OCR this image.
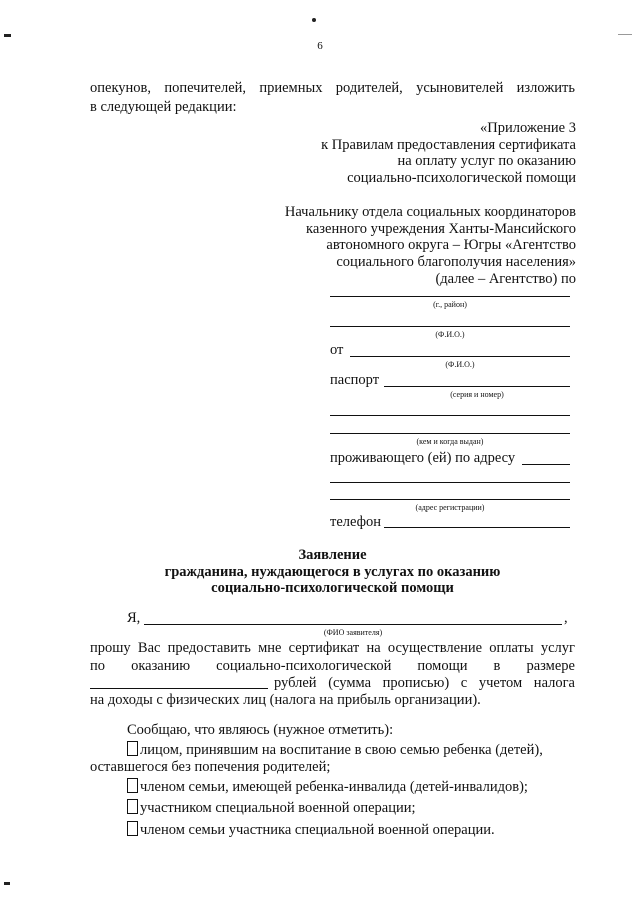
6
опекунов, попечителей, приемных родителей, усыновителей изложить
в следующей редакции:
«Приложение 3
к Правилам предоставления сертификата
на оплату услуг по оказанию
социально-психологической помощи
Начальнику отдела социальных координаторов
казенного учреждения Ханты-Мансийского
автономного округа – Югры «Агентство
социального благополучия населения»
(далее – Агентство) по
(г., район)
(Ф.И.О.)
от
(Ф.И.О.)
паспорт
(серия и номер)
(кем и когда выдан)
проживающего (ей) по адресу
(адрес регистрации)
телефон
Заявление
гражданина, нуждающегося в услугах по оказанию
социально-психологической помощи
Я,	,
(ФИО заявителя)
прошу Вас предоставить мне сертификат на осуществление оплаты услуг
по оказанию социально-психологической помощи в размере
рублей (сумма прописью) с учетом налога
на доходы с физических лиц (налога на прибыль организации).
Сообщаю, что являюсь (нужное отметить):
лицом, принявшим на воспитание в свою семью ребенка (детей),
оставшегося без попечения родителей;
членом семьи, имеющей ребенка-инвалида (детей-инвалидов);
участником специальной военной операции;
членом семьи участника специальной военной операции.
